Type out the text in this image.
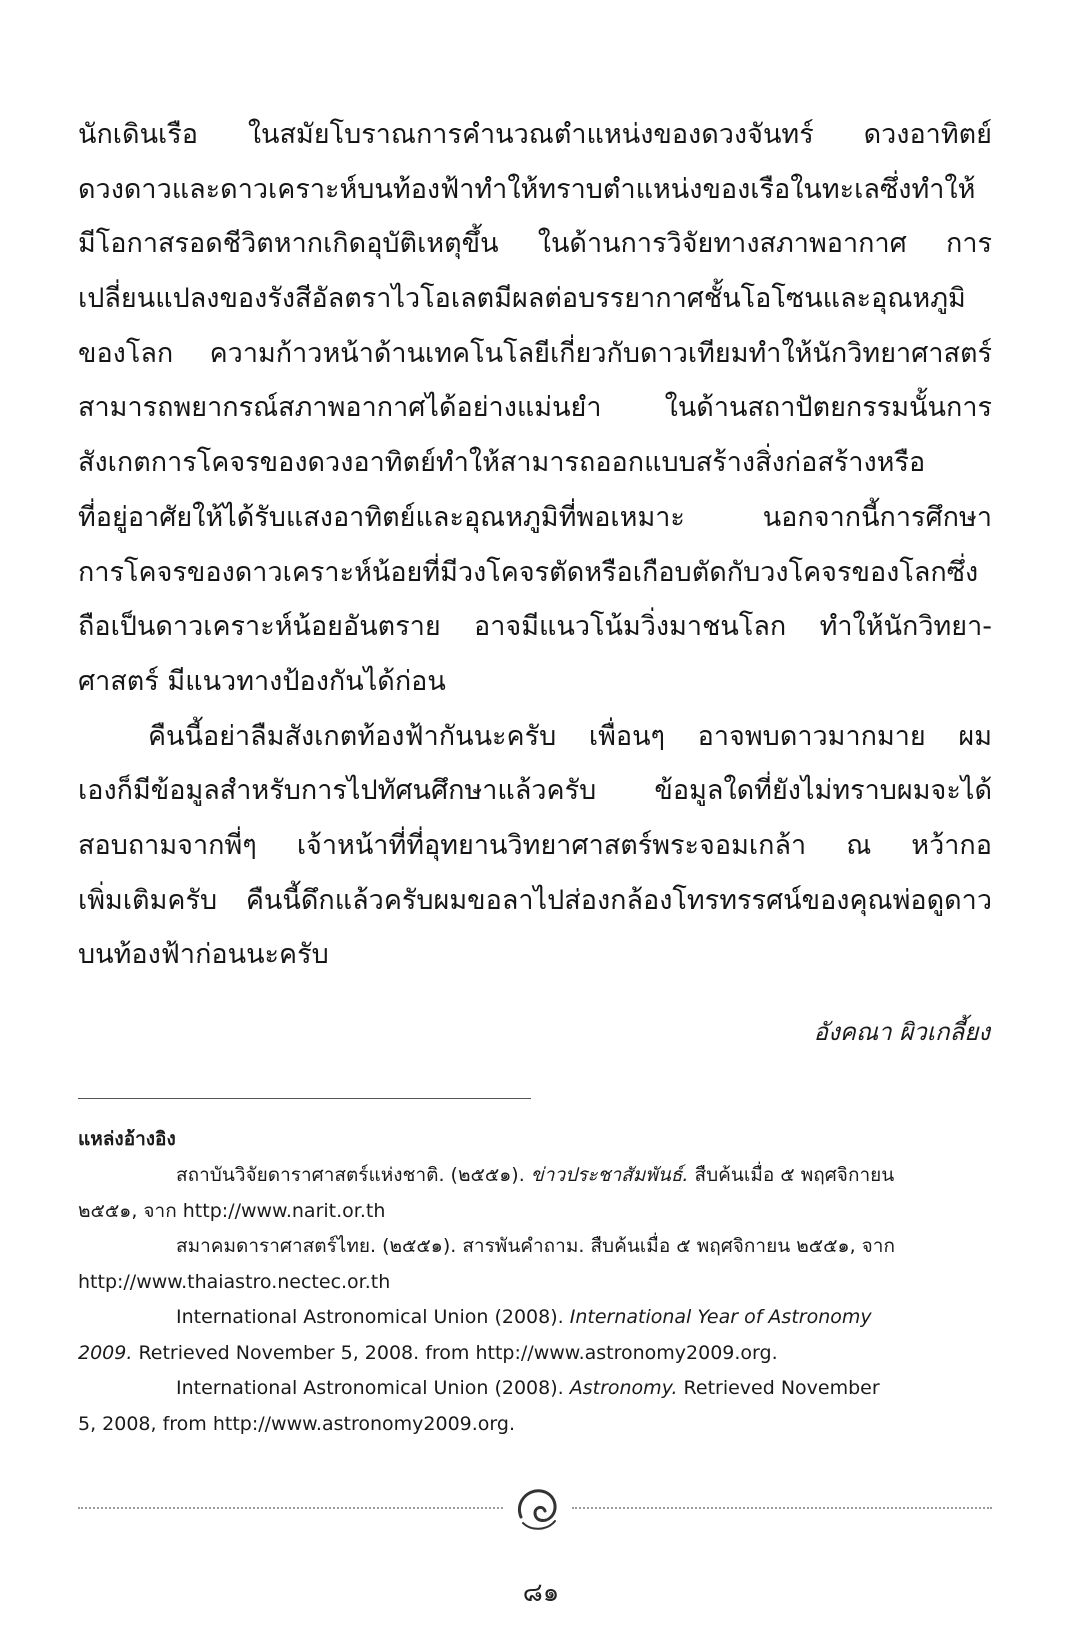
นักเดินเรือ ในสมัยโบราณการคำนวณตำแหน่งของดวงจันทร์ ดวงอาทิตย์
ดวงดาวและดาวเคราะห์บนท้องฟ้าทำให้ทราบตำแหน่งของเรือในทะเลซึ่งทำให้
มีโอกาสรอดชีวิตหากเกิดอุบัติเหตุขึ้น ในด้านการวิจัยทางสภาพอากาศ การ
เปลี่ยนแปลงของรังสีอัลตราไวโอเลตมีผลต่อบรรยากาศชั้นโอโซนและอุณหภูมิ
ของโลก ความก้าวหน้าด้านเทคโนโลยีเกี่ยวกับดาวเทียมทำให้นักวิทยาศาสตร์
สามารถพยากรณ์สภาพอากาศได้อย่างแม่นยำ ในด้านสถาปัตยกรรมนั้นการ
สังเกตการโคจรของดวงอาทิตย์ทำให้สามารถออกแบบสร้างสิ่งก่อสร้างหรือ
ที่อยู่อาศัยให้ได้รับแสงอาทิตย์และอุณหภูมิที่พอเหมาะ นอกจากนี้การศึกษา
การโคจรของดาวเคราะห์น้อยที่มีวงโคจรตัดหรือเกือบตัดกับวงโคจรของโลกซึ่ง
ถือเป็นดาวเคราะห์น้อยอันตราย อาจมีแนวโน้มวิ่งมาชนโลก ทำให้นักวิทยา-
ศาสตร์ มีแนวทางป้องกันได้ก่อน
คืนนี้อย่าลืมสังเกตท้องฟ้ากันนะครับ เพื่อนๆ อาจพบดาวมากมาย ผม
เองก็มีข้อมูลสำหรับการไปทัศนศึกษาแล้วครับ ข้อมูลใดที่ยังไม่ทราบผมจะได้
สอบถามจากพี่ๆ เจ้าหน้าที่ที่อุทยานวิทยาศาสตร์พระจอมเกล้า ณ หว้ากอ
เพิ่มเติมครับ คืนนี้ดึกแล้วครับผมขอลาไปส่องกล้องโทรทรรศน์ของคุณพ่อดูดาว
บนท้องฟ้าก่อนนะครับ
อังคณา ผิวเกลี้ยง
แหล่งอ้างอิง
สถาบันวิจัยดาราศาสตร์แห่งชาติ. (๒๕๕๑). ข่าวประชาสัมพันธ์. สืบค้นเมื่อ ๕ พฤศจิกายน
๒๕๕๑, จาก http://www.narit.or.th
สมาคมดาราศาสตร์ไทย. (๒๕๕๑). สารพันคำถาม. สืบค้นเมื่อ ๕ พฤศจิกายน ๒๕๕๑, จาก
http://www.thaiastro.nectec.or.th
International Astronomical Union (2008). International Year of Astronomy
2009. Retrieved November 5, 2008. from http://www.astronomy2009.org.
International Astronomical Union (2008). Astronomy. Retrieved November
5, 2008, from http://www.astronomy2009.org.
๘๑
